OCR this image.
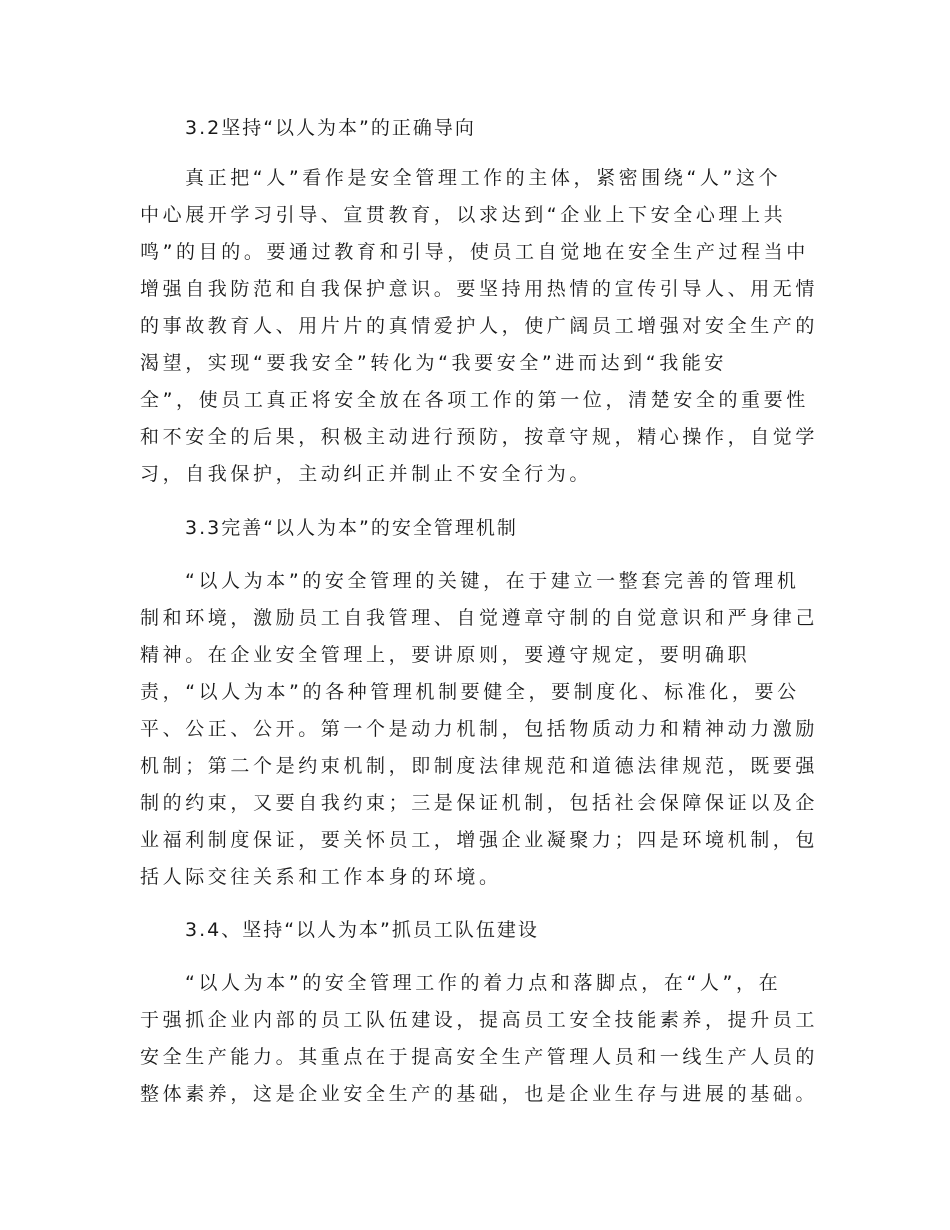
3.2坚持“以人为本”的正确导向
真正把“人”看作是安全管理工作的主体，紧密围绕“人”这个
中心展开学习引导、宣贯教育，以求达到“企业上下安全心理上共
鸣”的目的。要通过教育和引导，使员工自觉地在安全生产过程当中
增强自我防范和自我保护意识。要坚持用热情的宣传引导人、用无情
的事故教育人、用片片的真情爱护人，使广阔员工增强对安全生产的
渴望，实现“要我安全”转化为“我要安全”进而达到“我能安
全”，使员工真正将安全放在各项工作的第一位，清楚安全的重要性
和不安全的后果，积极主动进行预防，按章守规，精心操作，自觉学
习，自我保护，主动纠正并制止不安全行为。
3.3完善“以人为本”的安全管理机制
“以人为本”的安全管理的关键，在于建立一整套完善的管理机
制和环境，激励员工自我管理、自觉遵章守制的自觉意识和严身律己
精神。在企业安全管理上，要讲原则，要遵守规定，要明确职
责，“以人为本”的各种管理机制要健全，要制度化、标准化，要公
平、公正、公开。第一个是动力机制，包括物质动力和精神动力激励
机制；第二个是约束机制，即制度法律规范和道德法律规范，既要强
制的约束，又要自我约束；三是保证机制，包括社会保障保证以及企
业福利制度保证，要关怀员工，增强企业凝聚力；四是环境机制，包
括人际交往关系和工作本身的环境。
3.4、坚持“以人为本”抓员工队伍建设
“以人为本”的安全管理工作的着力点和落脚点，在“人”，在
于强抓企业内部的员工队伍建设，提高员工安全技能素养，提升员工
安全生产能力。其重点在于提高安全生产管理人员和一线生产人员的
整体素养，这是企业安全生产的基础，也是企业生存与进展的基础。
